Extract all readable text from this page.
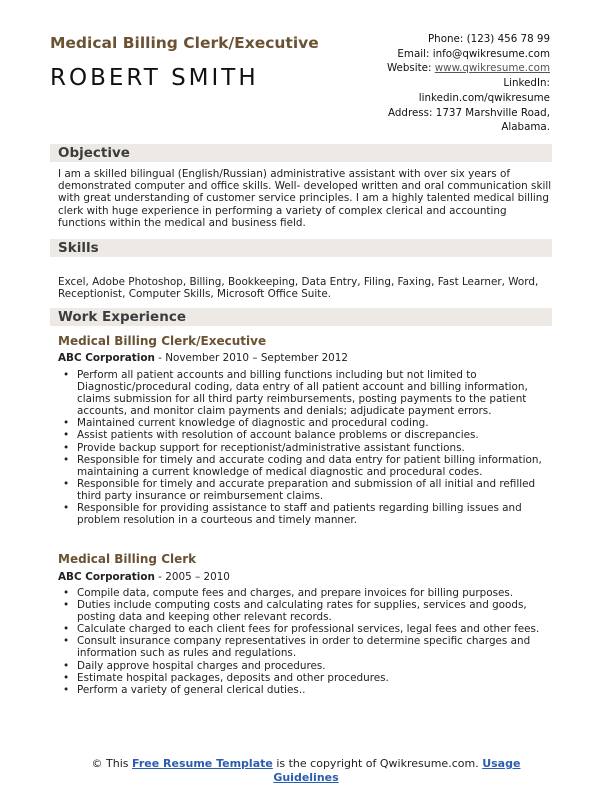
Medical Billing Clerk/Executive
ROBERT SMITH
Phone: (123) 456 78 99
Email: info@qwikresume.com
Website: www.qwikresume.com
LinkedIn:
linkedin.com/qwikresume
Address: 1737 Marshville Road,
Alabama.
Objective
I am a skilled bilingual (English/Russian) administrative assistant with over six years of demonstrated computer and office skills. Well- developed written and oral communication skill with great understanding of customer service principles. I am a highly talented medical billing clerk with huge experience in performing a variety of complex clerical and accounting functions within the medical and business field.
Skills
Excel, Adobe Photoshop, Billing, Bookkeeping, Data Entry, Filing, Faxing, Fast Learner, Word, Receptionist, Computer Skills, Microsoft Office Suite.
Work Experience
Medical Billing Clerk/Executive
ABC Corporation - November 2010 – September 2012
• Perform all patient accounts and billing functions including but not limited to Diagnostic/procedural coding, data entry of all patient account and billing information, claims submission for all third party reimbursements, posting payments to the patient accounts, and monitor claim payments and denials; adjudicate payment errors.
• Maintained current knowledge of diagnostic and procedural coding.
• Assist patients with resolution of account balance problems or discrepancies.
• Provide backup support for receptionist/administrative assistant functions.
• Responsible for timely and accurate coding and data entry for patient billing information, maintaining a current knowledge of medical diagnostic and procedural codes.
• Responsible for timely and accurate preparation and submission of all initial and refilled third party insurance or reimbursement claims.
• Responsible for providing assistance to staff and patients regarding billing issues and problem resolution in a courteous and timely manner.
Medical Billing Clerk
ABC Corporation - 2005 – 2010
• Compile data, compute fees and charges, and prepare invoices for billing purposes.
• Duties include computing costs and calculating rates for supplies, services and goods, posting data and keeping other relevant records.
• Calculate charged to each client fees for professional services, legal fees and other fees.
• Consult insurance company representatives in order to determine specific charges and information such as rules and regulations.
• Daily approve hospital charges and procedures.
• Estimate hospital packages, deposits and other procedures.
• Perform a variety of general clerical duties..
© This Free Resume Template is the copyright of Qwikresume.com. Usage
Guidelines
